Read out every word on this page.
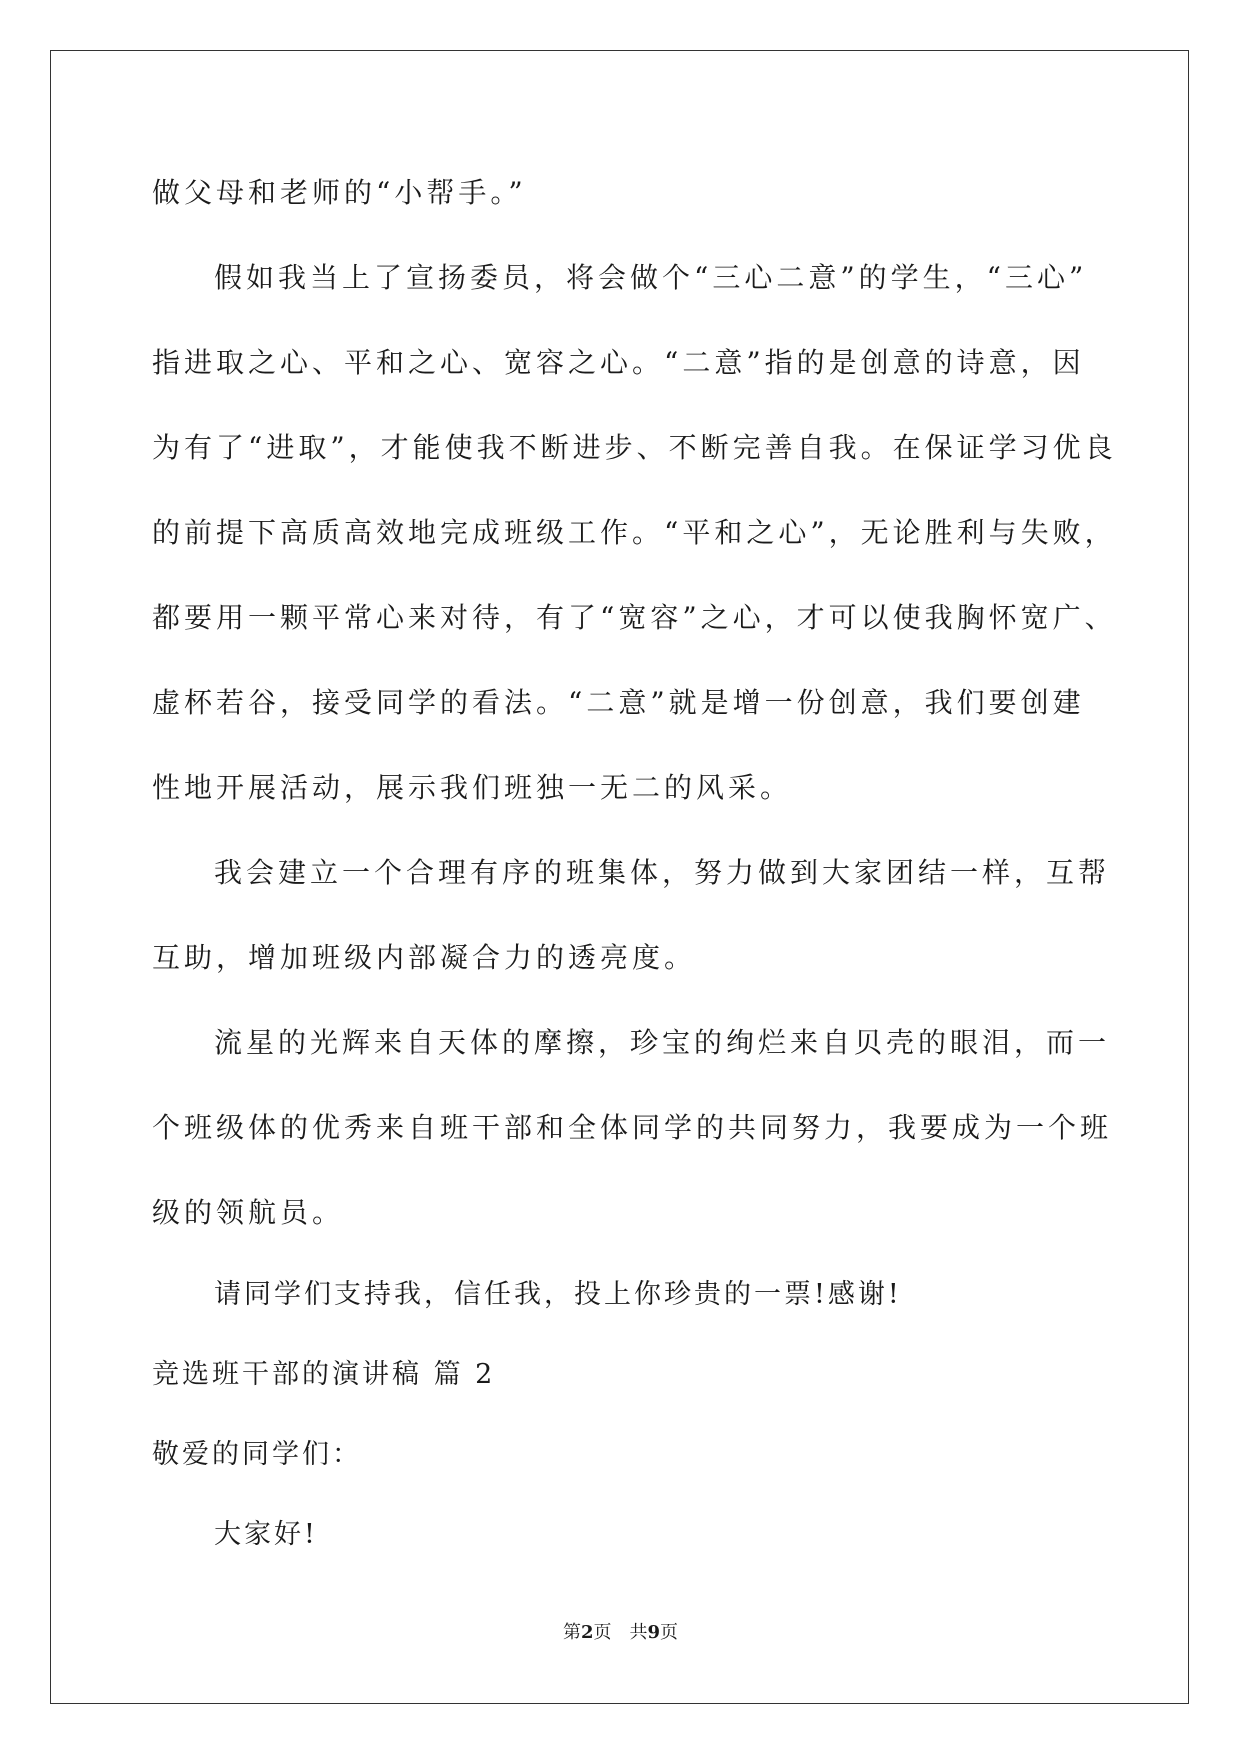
做父母和老师的“小帮手。”
假如我当上了宣扬委员，将会做个“三心二意”的学生，“三心”
指进取之心、平和之心、宽容之心。“二意”指的是创意的诗意，因
为有了“进取”，才能使我不断进步、不断完善自我。在保证学习优良
的前提下高质高效地完成班级工作。“平和之心”，无论胜利与失败，
都要用一颗平常心来对待，有了“宽容”之心，才可以使我胸怀宽广、
虚杯若谷，接受同学的看法。“二意”就是增一份创意，我们要创建
性地开展活动，展示我们班独一无二的风采。
我会建立一个合理有序的班集体，努力做到大家团结一样，互帮
互助，增加班级内部凝合力的透亮度。
流星的光辉来自天体的摩擦，珍宝的绚烂来自贝壳的眼泪，而一
个班级体的优秀来自班干部和全体同学的共同努力，我要成为一个班
级的领航员。
请同学们支持我，信任我，投上你珍贵的一票!感谢!
竞选班干部的演讲稿 篇 2
敬爱的同学们：
大家好!
第2页　共9页
